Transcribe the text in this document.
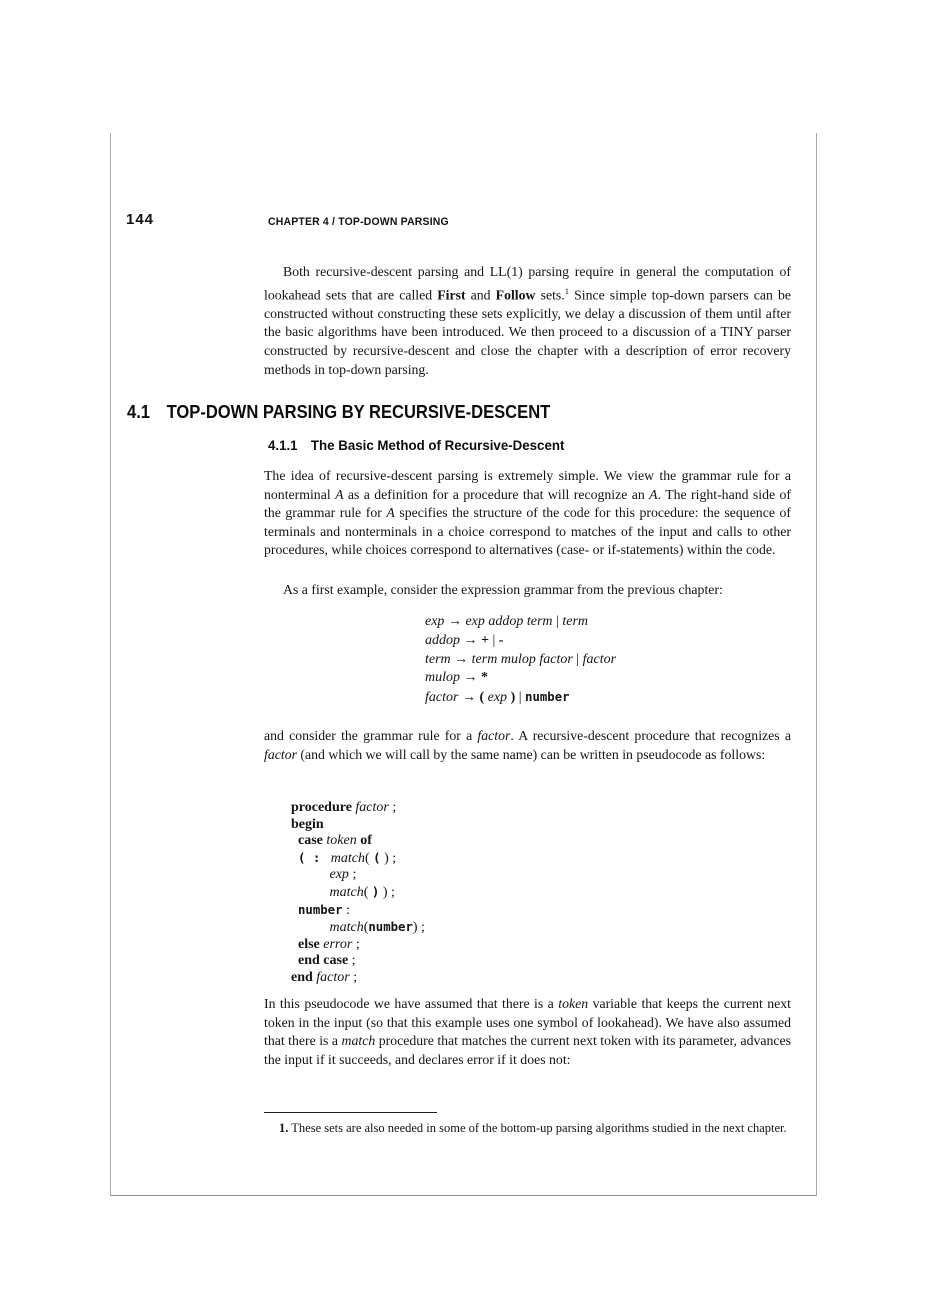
144	CHAPTER 4 / TOP-DOWN PARSING
Both recursive-descent parsing and LL(1) parsing require in general the computation of lookahead sets that are called First and Follow sets.$^1$ Since simple top-down parsers can be constructed without constructing these sets explicitly, we delay a discussion of them until after the basic algorithms have been introduced. We then proceed to a discussion of a TINY parser constructed by recursive-descent and close the chapter with a description of error recovery methods in top-down parsing.
4.1 TOP-DOWN PARSING BY RECURSIVE-DESCENT
4.1.1 The Basic Method of Recursive-Descent
The idea of recursive-descent parsing is extremely simple. We view the grammar rule for a nonterminal A as a definition for a procedure that will recognize an A. The right-hand side of the grammar rule for A specifies the structure of the code for this procedure: the sequence of terminals and nonterminals in a choice correspond to matches of the input and calls to other procedures, while choices correspond to alternatives (case- or if-statements) within the code.
As a first example, consider the expression grammar from the previous chapter:
exp → exp addop term | term
addop → + | -
term → term mulop factor | factor
mulop → *
factor → ( exp ) | number
and consider the grammar rule for a factor. A recursive-descent procedure that recognizes a factor (and which we will call by the same name) can be written in pseudocode as follows:
procedure factor ;
begin
case token of
( : match( ( ) ;
exp ;
match( ) ) ;
number :
match(number) ;
else error ;
end case ;
end factor ;
In this pseudocode we have assumed that there is a token variable that keeps the current next token in the input (so that this example uses one symbol of lookahead). We have also assumed that there is a match procedure that matches the current next token with its parameter, advances the input if it succeeds, and declares error if it does not:
1. These sets are also needed in some of the bottom-up parsing algorithms studied in the next chapter.
